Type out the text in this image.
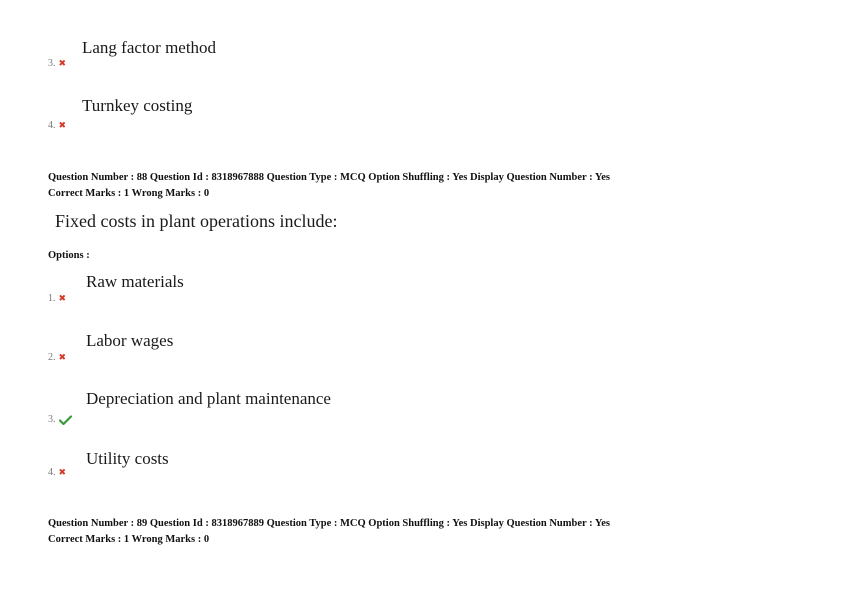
Lang factor method
3. ✖
Turnkey costing
4. ✖
Question Number : 88 Question Id : 8318967888 Question Type : MCQ Option Shuffling : Yes Display Question Number : Yes
Correct Marks : 1 Wrong Marks : 0
Fixed costs in plant operations include:
Options :
Raw materials
1. ✖
Labor wages
2. ✖
Depreciation and plant maintenance
3.
Utility costs
4. ✖
Question Number : 89 Question Id : 8318967889 Question Type : MCQ Option Shuffling : Yes Display Question Number : Yes
Correct Marks : 1 Wrong Marks : 0
